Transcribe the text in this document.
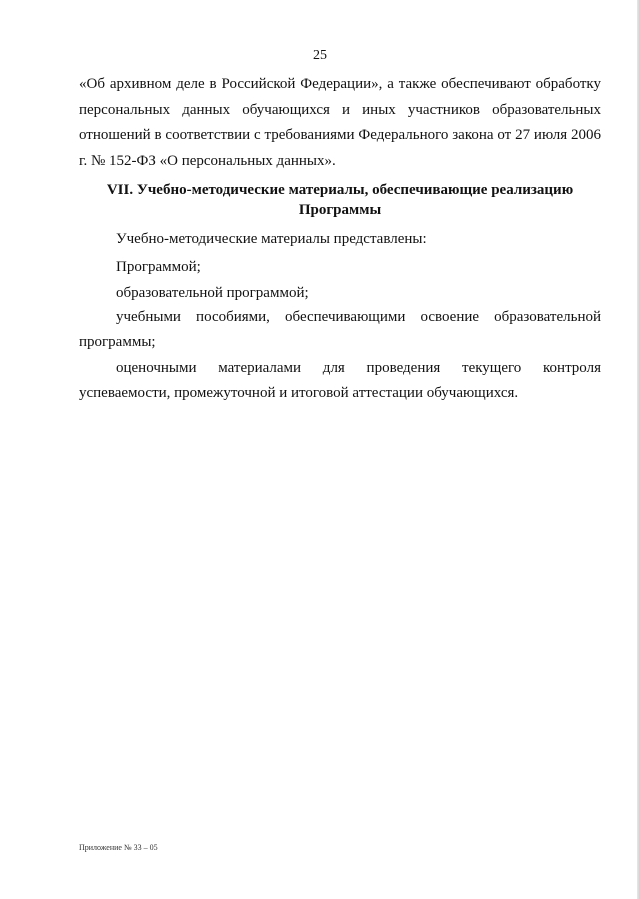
25
«Об архивном деле в Российской Федерации», а также обеспечивают обработку персональных данных обучающихся и иных участников образовательных отношений в соответствии с требованиями Федерального закона от 27 июля 2006 г. № 152-ФЗ «О персональных данных».
VII. Учебно-методические материалы, обеспечивающие реализацию
Программы
Учебно-методические материалы представлены:
Программой;
образовательной программой;
учебными пособиями, обеспечивающими освоение образовательной программы;
оценочными материалами для проведения текущего контроля успеваемости, промежуточной и итоговой аттестации обучающихся.
Приложение № 33 – 05
